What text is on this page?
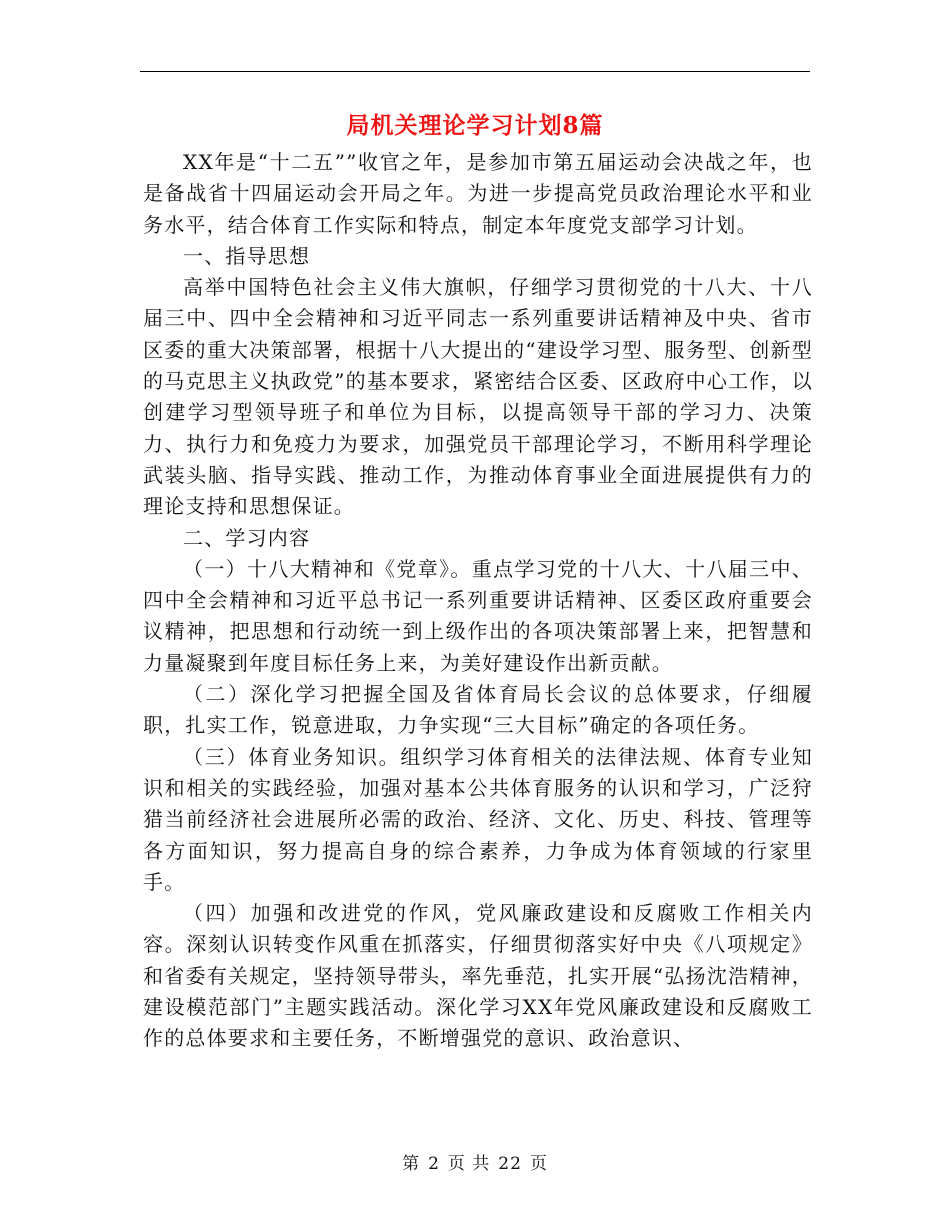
局机关理论学习计划8篇

XX年是“十二五””收官之年，是参加市第五届运动会决战之年，也是备战省十四届运动会开局之年。为进一步提高党员政治理论水平和业务水平，结合体育工作实际和特点，制定本年度党支部学习计划。

一、指导思想

高举中国特色社会主义伟大旗帜，仔细学习贯彻党的十八大、十八届三中、四中全会精神和习近平同志一系列重要讲话精神及中央、省市区委的重大决策部署，根据十八大提出的“建设学习型、服务型、创新型的马克思主义执政党”的基本要求，紧密结合区委、区政府中心工作，以创建学习型领导班子和单位为目标，以提高领导干部的学习力、决策力、执行力和免疫力为要求，加强党员干部理论学习，不断用科学理论武装头脑、指导实践、推动工作，为推动体育事业全面进展提供有力的理论支持和思想保证。

二、学习内容

（一）十八大精神和《党章》。重点学习党的十八大、十八届三中、四中全会精神和习近平总书记一系列重要讲话精神、区委区政府重要会议精神，把思想和行动统一到上级作出的各项决策部署上来，把智慧和力量凝聚到年度目标任务上来，为美好建设作出新贡献。

（二）深化学习把握全国及省体育局长会议的总体要求，仔细履职，扎实工作，锐意进取，力争实现“三大目标”确定的各项任务。

（三）体育业务知识。组织学习体育相关的法律法规、体育专业知识和相关的实践经验，加强对基本公共体育服务的认识和学习，广泛狩猎当前经济社会进展所必需的政治、经济、文化、历史、科技、管理等各方面知识，努力提高自身的综合素养，力争成为体育领域的行家里手。

（四）加强和改进党的作风，党风廉政建设和反腐败工作相关内容。深刻认识转变作风重在抓落实，仔细贯彻落实好中央《八项规定》和省委有关规定，坚持领导带头，率先垂范，扎实开展“弘扬沈浩精神，建设模范部门”主题实践活动。深化学习XX年党风廉政建设和反腐败工作的总体要求和主要任务，不断增强党的意识、政治意识、

第 2 页 共 22 页
